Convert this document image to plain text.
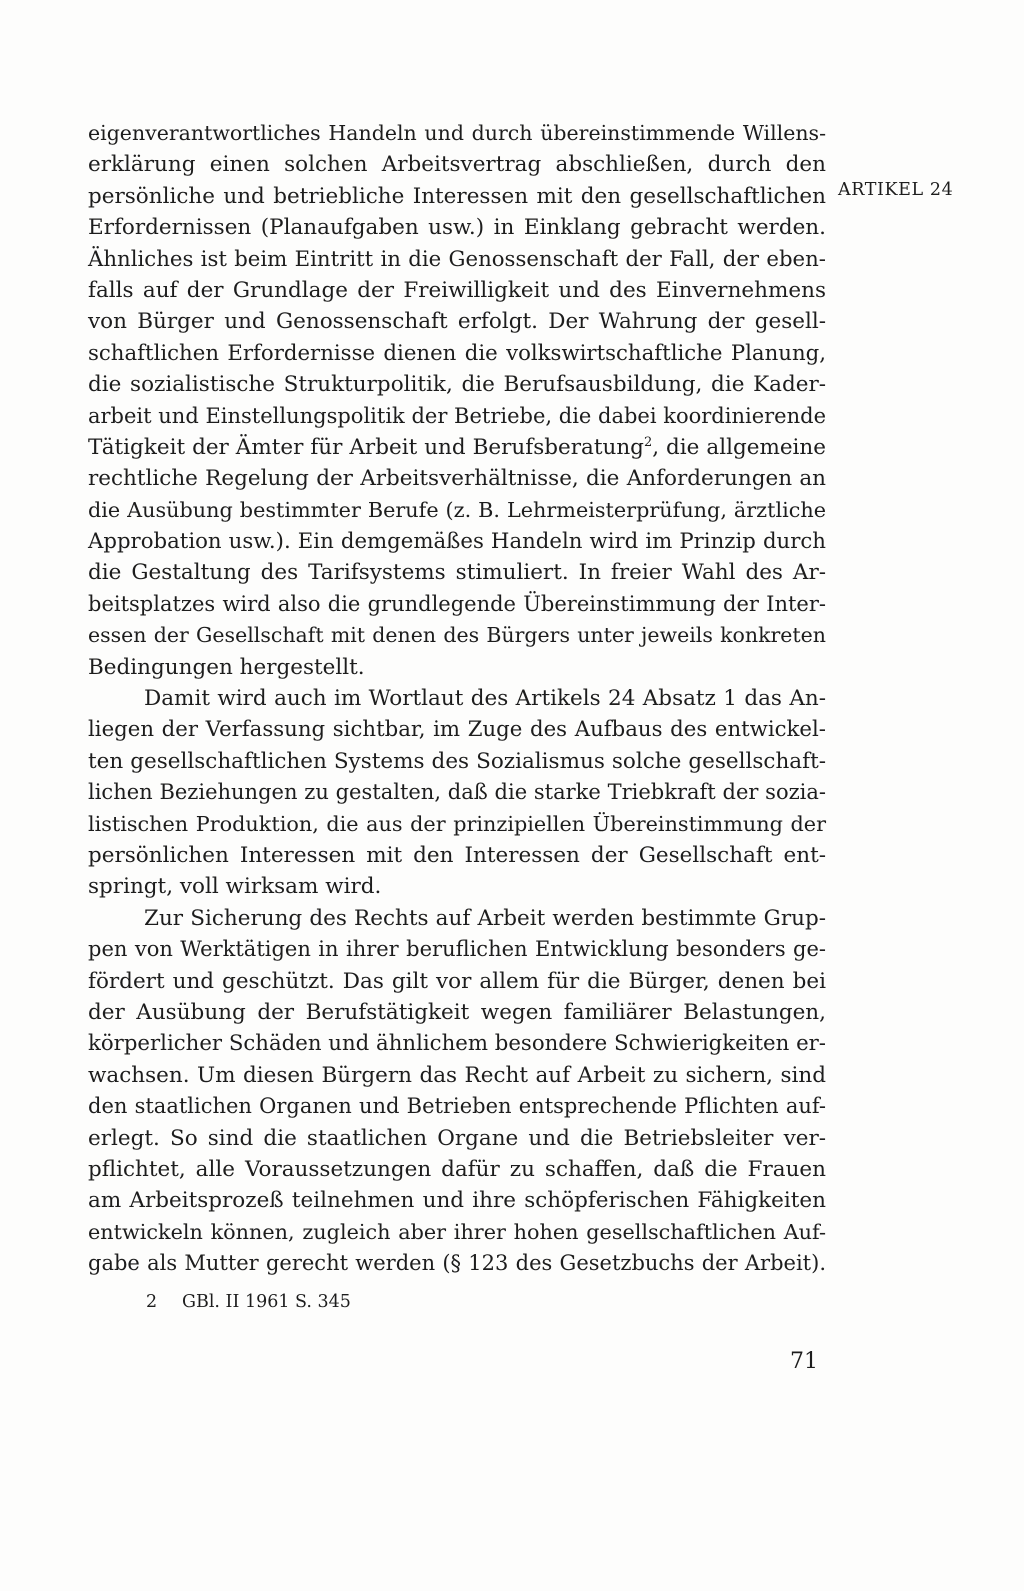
ARTIKEL 24
eigenverantwortliches Handeln und durch übereinstimmende Willens-
erklärung einen solchen Arbeitsvertrag abschließen, durch den
persönliche und betriebliche Interessen mit den gesellschaftlichen
Erfordernissen (Planaufgaben usw.) in Einklang gebracht werden.
Ähnliches ist beim Eintritt in die Genossenschaft der Fall, der eben-
falls auf der Grundlage der Freiwilligkeit und des Einvernehmens
von Bürger und Genossenschaft erfolgt. Der Wahrung der gesell-
schaftlichen Erfordernisse dienen die volkswirtschaftliche Planung,
die sozialistische Strukturpolitik, die Berufsausbildung, die Kader-
arbeit und Einstellungspolitik der Betriebe, die dabei koordinierende
Tätigkeit der Ämter für Arbeit und Berufsberatung$^2$, die allgemeine
rechtliche Regelung der Arbeitsverhältnisse, die Anforderungen an
die Ausübung bestimmter Berufe (z. B. Lehrmeisterprüfung, ärztliche
Approbation usw.). Ein demgemäßes Handeln wird im Prinzip durch
die Gestaltung des Tarifsystems stimuliert. In freier Wahl des Ar-
beitsplatzes wird also die grundlegende Übereinstimmung der Inter-
essen der Gesellschaft mit denen des Bürgers unter jeweils konkreten
Bedingungen hergestellt.
Damit wird auch im Wortlaut des Artikels 24 Absatz 1 das An-
liegen der Verfassung sichtbar, im Zuge des Aufbaus des entwickel-
ten gesellschaftlichen Systems des Sozialismus solche gesellschaft-
lichen Beziehungen zu gestalten, daß die starke Triebkraft der sozia-
listischen Produktion, die aus der prinzipiellen Übereinstimmung der
persönlichen Interessen mit den Interessen der Gesellschaft ent-
springt, voll wirksam wird.
Zur Sicherung des Rechts auf Arbeit werden bestimmte Grup-
pen von Werktätigen in ihrer beruflichen Entwicklung besonders ge-
fördert und geschützt. Das gilt vor allem für die Bürger, denen bei
der Ausübung der Berufstätigkeit wegen familiärer Belastungen,
körperlicher Schäden und ähnlichem besondere Schwierigkeiten er-
wachsen. Um diesen Bürgern das Recht auf Arbeit zu sichern, sind
den staatlichen Organen und Betrieben entsprechende Pflichten auf-
erlegt. So sind die staatlichen Organe und die Betriebsleiter ver-
pflichtet, alle Voraussetzungen dafür zu schaffen, daß die Frauen
am Arbeitsprozeß teilnehmen und ihre schöpferischen Fähigkeiten
entwickeln können, zugleich aber ihrer hohen gesellschaftlichen Auf-
gabe als Mutter gerecht werden (§ 123 des Gesetzbuchs der Arbeit).
2 GBl. II 1961 S. 345
71
